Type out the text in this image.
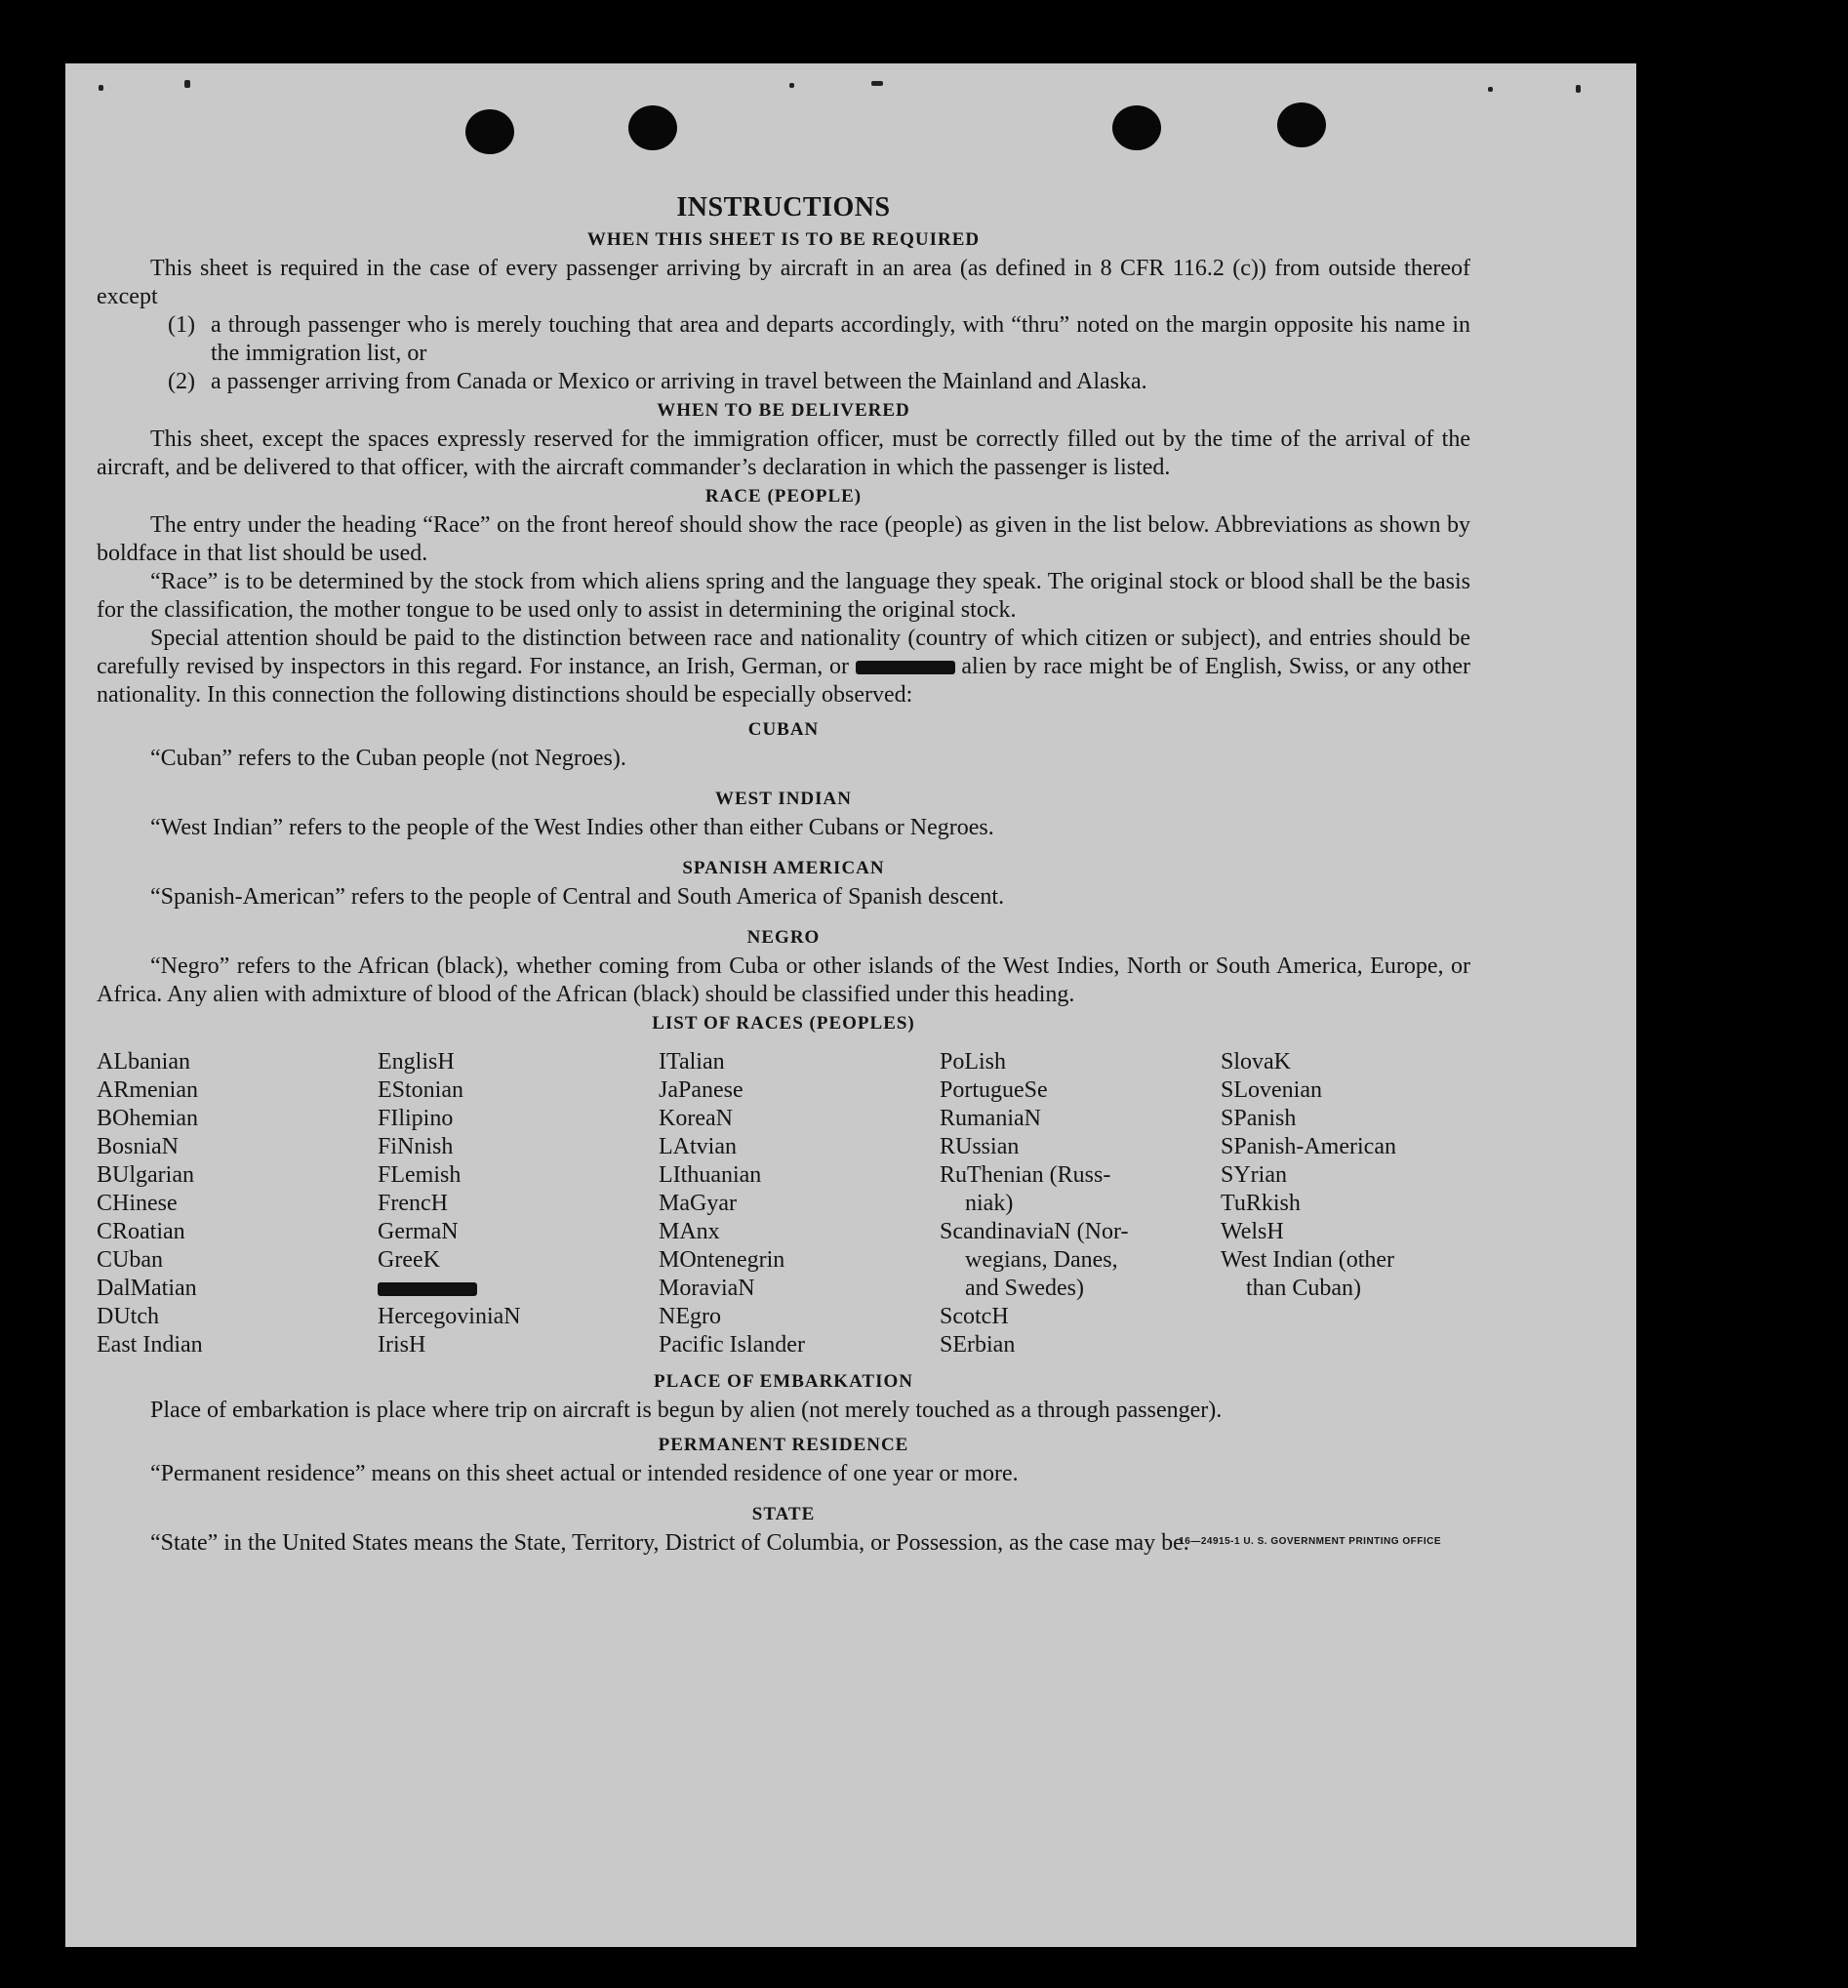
INSTRUCTIONS
WHEN THIS SHEET IS TO BE REQUIRED

This sheet is required in the case of every passenger arriving by aircraft in an area (as defined in 8 CFR 116.2 (c)) from outside thereof except

(1) a through passenger who is merely touching that area and departs accordingly, with “thru” noted on the margin opposite his name in the immigration list, or
(2) a passenger arriving from Canada or Mexico or arriving in travel between the Mainland and Alaska.
WHEN TO BE DELIVERED

This sheet, except the spaces expressly reserved for the immigration officer, must be correctly filled out by the time of the arrival of the aircraft, and be delivered to that officer, with the aircraft commander’s declaration in which the passenger is listed.

RACE (PEOPLE)

The entry under the heading “Race” on the front hereof should show the race (people) as given in the list below. Abbreviations as shown by boldface in that list should be used.

“Race” is to be determined by the stock from which aliens spring and the language they speak. The original stock or blood shall be the basis for the classification, the mother tongue to be used only to assist in determining the original stock.

Special attention should be paid to the distinction between race and nationality (country of which citizen or subject), and entries should be carefully revised by inspectors in this regard. For instance, an Irish, German, or	alien by race might be of English, Swiss, or any other nationality. In this connection the following distinctions should be especially observed:

CUBAN

“Cuban” refers to the Cuban people (not Negroes).

WEST INDIAN

“West Indian” refers to the people of the West Indies other than either Cubans or Negroes.

SPANISH AMERICAN

“Spanish-American” refers to the people of Central and South America of Spanish descent.

NEGRO

“Negro” refers to the African (black), whether coming from Cuba or other islands of the West Indies, North or South America, Europe, or Africa. Any alien with admixture of blood of the African (black) should be classified under this heading.

LIST OF RACES (PEOPLES)

ALbanian

ARmenian

BOhemian

BosniaN

BUlgarian

CHinese

CRoatian

CUban

DalMatian

DUtch

East Indian

EnglisH

EStonian

FIlipino

FiNnish

FLemish

FrencH

GermaN

GreeK

HercegoviniaN

IrisH

ITalian

JaPanese

KoreaN

LAtvian

LIthuanian

MaGyar

MAnx

MOntenegrin

MoraviaN

NEgro

Pacific Islander

PoLish

PortugueSe

RumaniaN

RUssian

RuThenian (Russ-

niak)

ScandinaviaN (Nor-

wegians, Danes,

and Swedes)

ScotcH

SErbian

SlovaK

SLovenian

SPanish

SPanish-American

SYrian

TuRkish

WelsH

West Indian (other

than Cuban)

PLACE OF EMBARKATION

Place of embarkation is place where trip on aircraft is begun by alien (not merely touched as a through passenger).

PERMANENT RESIDENCE

“Permanent residence” means on this sheet actual or intended residence of one year or more.

STATE

“State” in the United States means the State, Territory, District of Columbia, or Possession, as the case may be.

16—24915-1 U. S. GOVERNMENT PRINTING OFFICE
